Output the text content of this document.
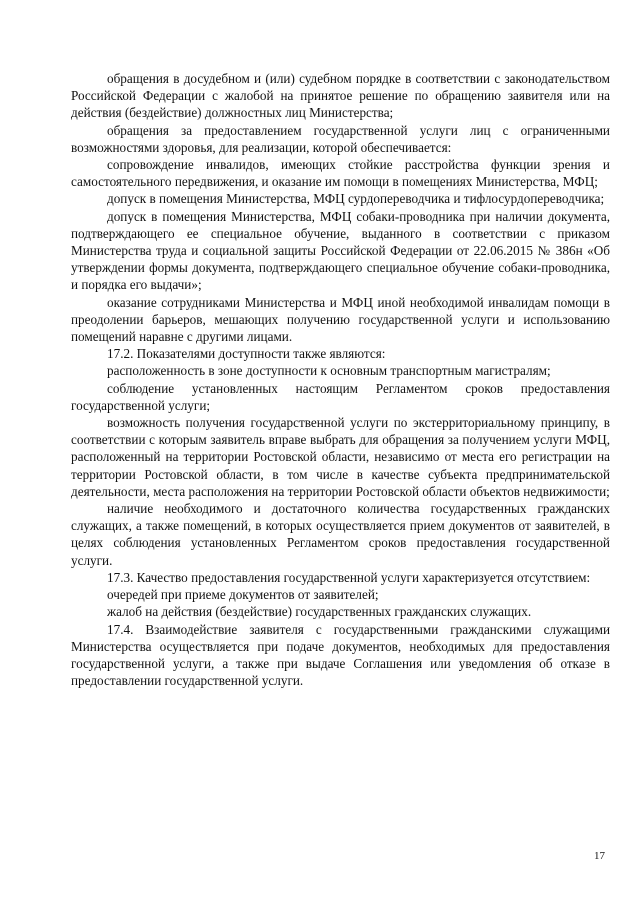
обращения в досудебном и (или) судебном порядке в соответствии с законодательством Российской Федерации с жалобой на принятое решение по обращению заявителя или на действия (бездействие) должностных лиц Министерства;

обращения за предоставлением государственной услуги лиц с ограниченными возможностями здоровья, для реализации, которой обеспечивается:

сопровождение инвалидов, имеющих стойкие расстройства функции зрения и самостоятельного передвижения, и оказание им помощи в помещениях Министерства, МФЦ;

допуск в помещения Министерства, МФЦ сурдопереводчика и тифлосурдопереводчика;

допуск в помещения Министерства, МФЦ собаки-проводника при наличии документа, подтверждающего ее специальное обучение, выданного в соответствии с приказом Министерства труда и социальной защиты Российской Федерации от 22.06.2015 № 386н «Об утверждении формы документа, подтверждающего специальное обучение собаки-проводника, и порядка его выдачи»;

оказание сотрудниками Министерства и МФЦ иной необходимой инвалидам помощи в преодолении барьеров, мешающих получению государственной услуги и использованию помещений наравне с другими лицами.

17.2. Показателями доступности также являются:

расположенность в зоне доступности к основным транспортным магистралям;

соблюдение установленных настоящим Регламентом сроков предоставления государственной услуги;

возможность получения государственной услуги по экстерриториальному принципу, в соответствии с которым заявитель вправе выбрать для обращения за получением услуги МФЦ, расположенный на территории Ростовской области, независимо от места его регистрации на территории Ростовской области, в том числе в качестве субъекта предпринимательской деятельности, места расположения на территории Ростовской области объектов недвижимости;

наличие необходимого и достаточного количества государственных гражданских служащих, а также помещений, в которых осуществляется прием документов от заявителей, в целях соблюдения установленных Регламентом сроков предоставления государственной услуги.

17.3. Качество предоставления государственной услуги характеризуется отсутствием:

очередей при приеме документов от заявителей;

жалоб на действия (бездействие) государственных гражданских служащих.

17.4. Взаимодействие заявителя с государственными гражданскими служащими Министерства осуществляется при подаче документов, необходимых для предоставления государственной услуги, а также при выдаче Соглашения или уведомления об отказе в предоставлении государственной услуги.

17
